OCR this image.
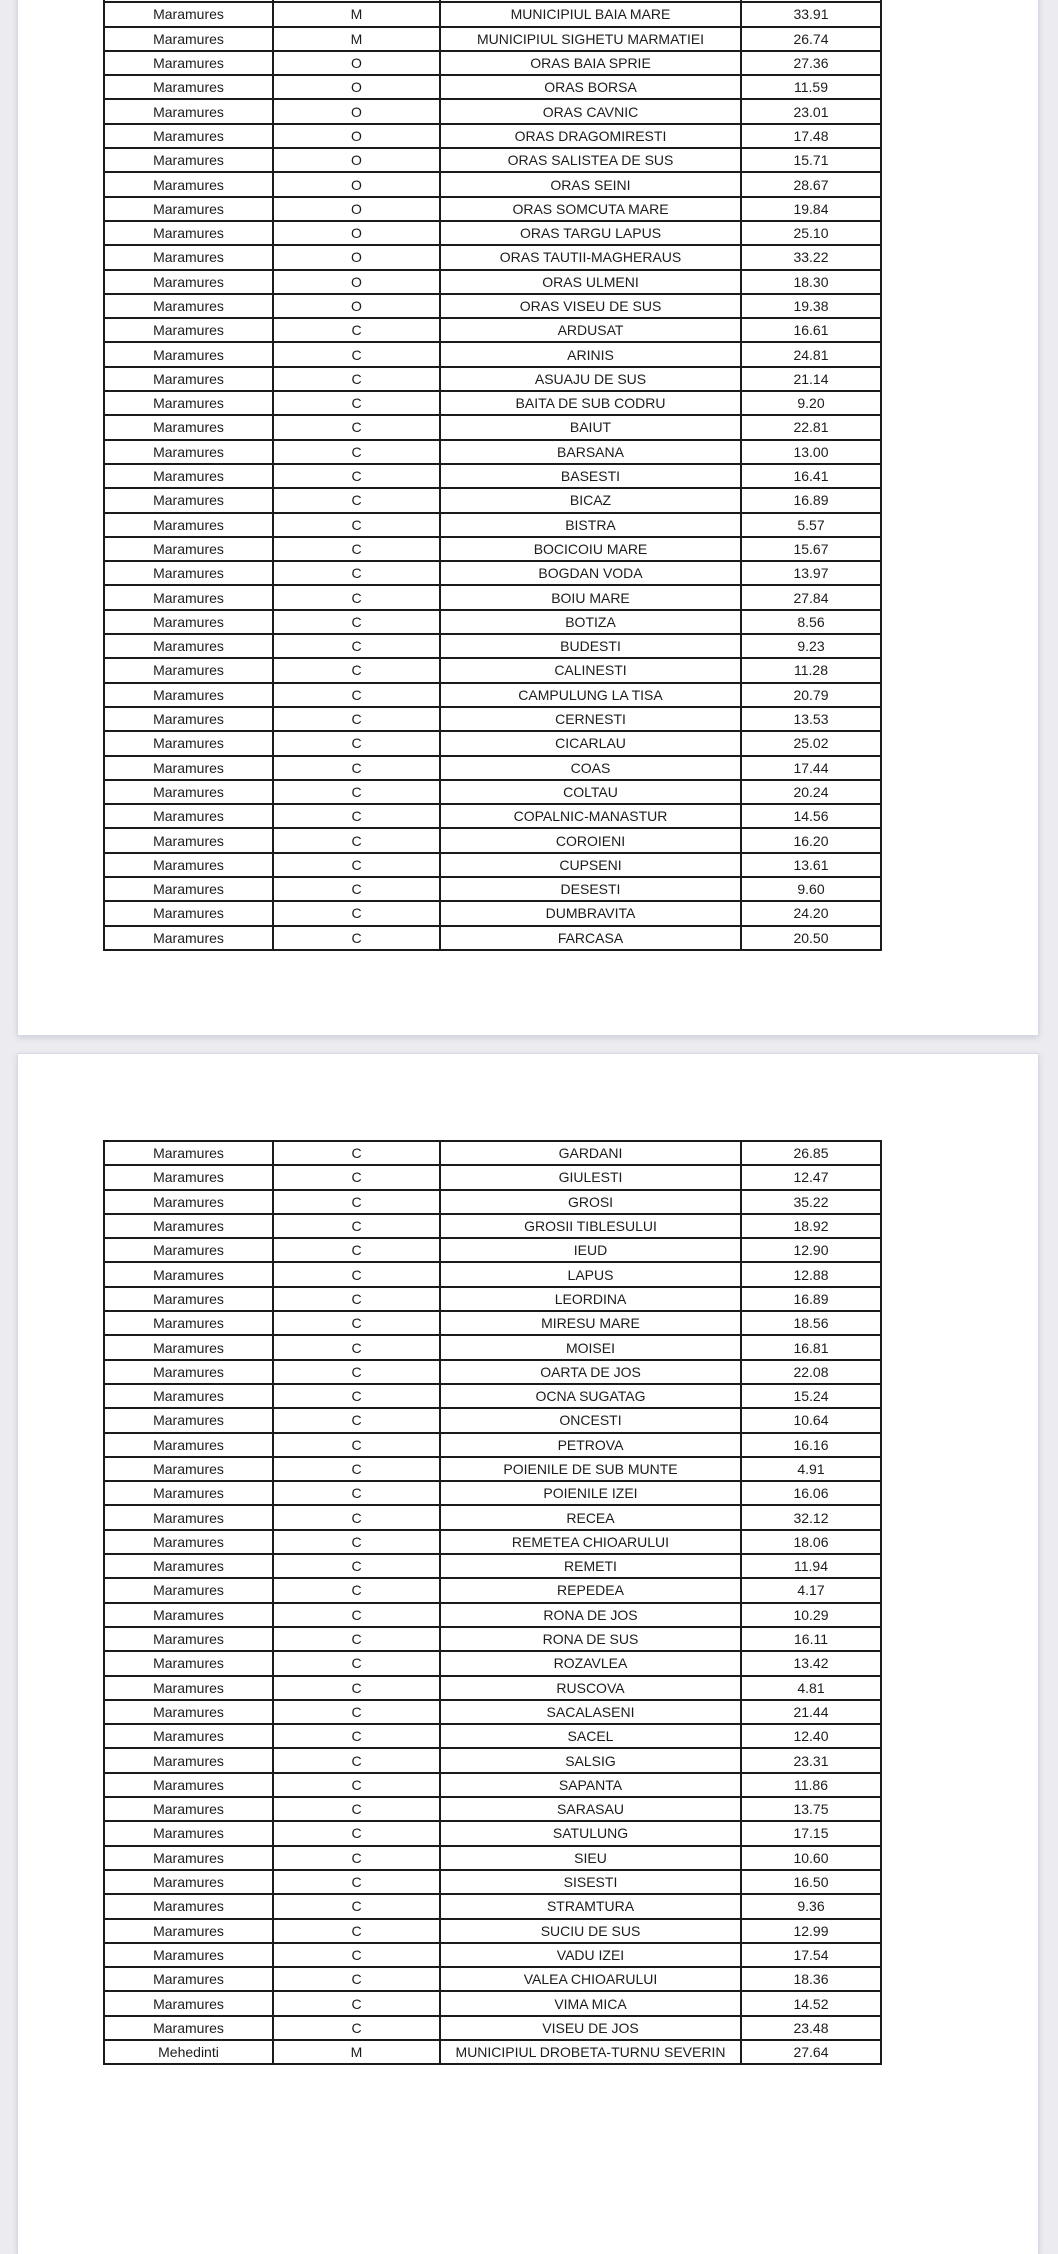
Maramures	M	MUNICIPIUL BAIA MARE	33.91
Maramures	M	MUNICIPIUL SIGHETU MARMATIEI	26.74
Maramures	O	ORAS BAIA SPRIE	27.36
Maramures	O	ORAS BORSA	11.59
Maramures	O	ORAS CAVNIC	23.01
Maramures	O	ORAS DRAGOMIRESTI	17.48
Maramures	O	ORAS SALISTEA DE SUS	15.71
Maramures	O	ORAS SEINI	28.67
Maramures	O	ORAS SOMCUTA MARE	19.84
Maramures	O	ORAS TARGU LAPUS	25.10
Maramures	O	ORAS TAUTII-MAGHERAUS	33.22
Maramures	O	ORAS ULMENI	18.30
Maramures	O	ORAS VISEU DE SUS	19.38
Maramures	C	ARDUSAT	16.61
Maramures	C	ARINIS	24.81
Maramures	C	ASUAJU DE SUS	21.14
Maramures	C	BAITA DE SUB CODRU	9.20
Maramures	C	BAIUT	22.81
Maramures	C	BARSANA	13.00
Maramures	C	BASESTI	16.41
Maramures	C	BICAZ	16.89
Maramures	C	BISTRA	5.57
Maramures	C	BOCICOIU MARE	15.67
Maramures	C	BOGDAN VODA	13.97
Maramures	C	BOIU MARE	27.84
Maramures	C	BOTIZA	8.56
Maramures	C	BUDESTI	9.23
Maramures	C	CALINESTI	11.28
Maramures	C	CAMPULUNG LA TISA	20.79
Maramures	C	CERNESTI	13.53
Maramures	C	CICARLAU	25.02
Maramures	C	COAS	17.44
Maramures	C	COLTAU	20.24
Maramures	C	COPALNIC-MANASTUR	14.56
Maramures	C	COROIENI	16.20
Maramures	C	CUPSENI	13.61
Maramures	C	DESESTI	9.60
Maramures	C	DUMBRAVITA	24.20
Maramures	C	FARCASA	20.50
Maramures	C	GARDANI	26.85
Maramures	C	GIULESTI	12.47
Maramures	C	GROSI	35.22
Maramures	C	GROSII TIBLESULUI	18.92
Maramures	C	IEUD	12.90
Maramures	C	LAPUS	12.88
Maramures	C	LEORDINA	16.89
Maramures	C	MIRESU MARE	18.56
Maramures	C	MOISEI	16.81
Maramures	C	OARTA DE JOS	22.08
Maramures	C	OCNA SUGATAG	15.24
Maramures	C	ONCESTI	10.64
Maramures	C	PETROVA	16.16
Maramures	C	POIENILE DE SUB MUNTE	4.91
Maramures	C	POIENILE IZEI	16.06
Maramures	C	RECEA	32.12
Maramures	C	REMETEA CHIOARULUI	18.06
Maramures	C	REMETI	11.94
Maramures	C	REPEDEA	4.17
Maramures	C	RONA DE JOS	10.29
Maramures	C	RONA DE SUS	16.11
Maramures	C	ROZAVLEA	13.42
Maramures	C	RUSCOVA	4.81
Maramures	C	SACALASENI	21.44
Maramures	C	SACEL	12.40
Maramures	C	SALSIG	23.31
Maramures	C	SAPANTA	11.86
Maramures	C	SARASAU	13.75
Maramures	C	SATULUNG	17.15
Maramures	C	SIEU	10.60
Maramures	C	SISESTI	16.50
Maramures	C	STRAMTURA	9.36
Maramures	C	SUCIU DE SUS	12.99
Maramures	C	VADU IZEI	17.54
Maramures	C	VALEA CHIOARULUI	18.36
Maramures	C	VIMA MICA	14.52
Maramures	C	VISEU DE JOS	23.48
Mehedinti	M	MUNICIPIUL DROBETA-TURNU SEVERIN	27.64
